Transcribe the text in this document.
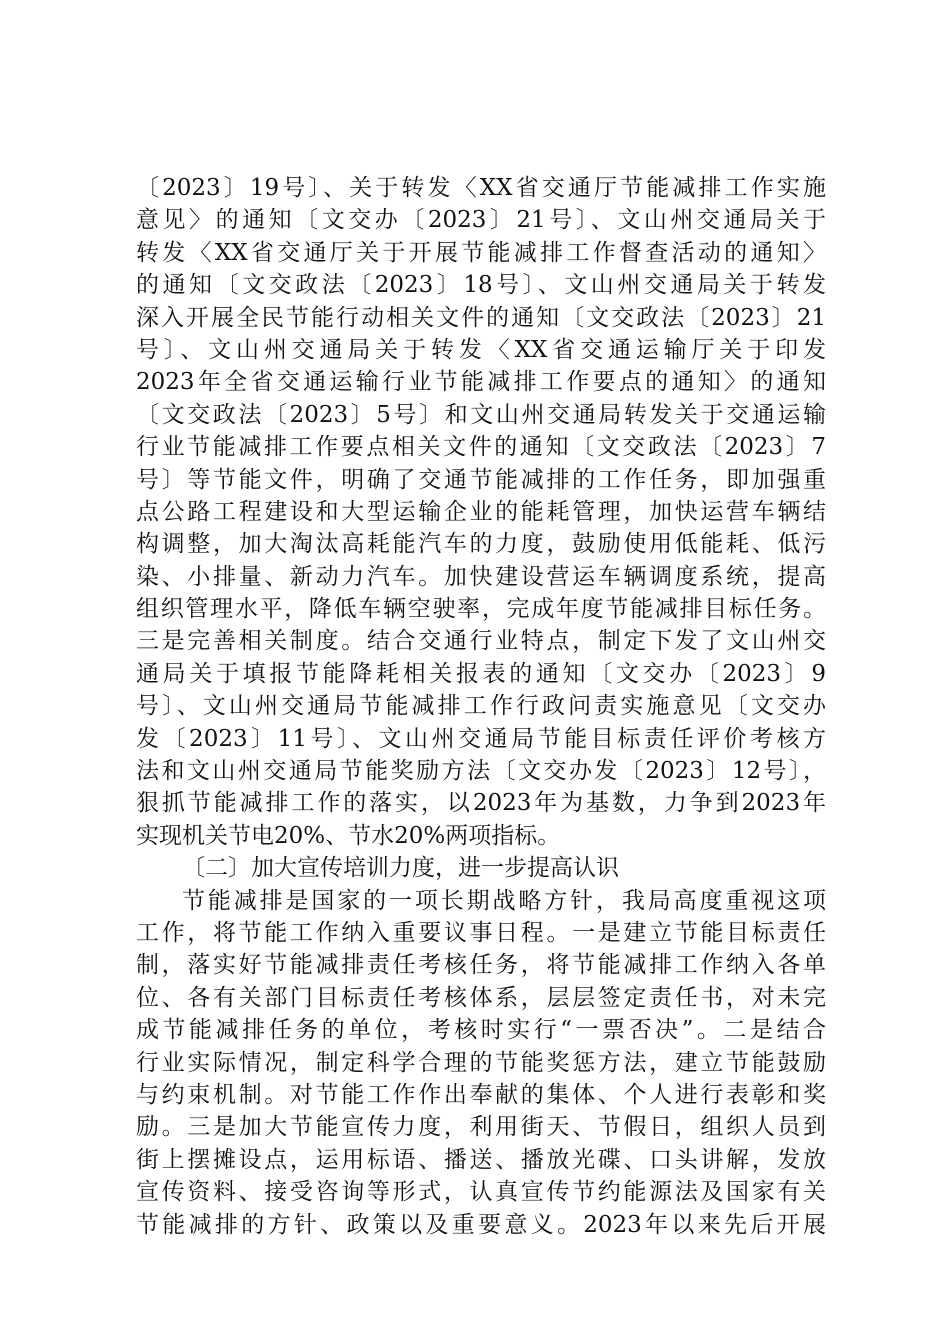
〔2023〕19号〕、关于转发〈XX省交通厅节能减排工作实施
意见〉的通知〔文交办〔2023〕21号〕、文山州交通局关于
转发〈XX省交通厅关于开展节能减排工作督查活动的通知〉
的通知〔文交政法〔2023〕18号〕、文山州交通局关于转发
深入开展全民节能行动相关文件的通知〔文交政法〔2023〕21
号〕、文山州交通局关于转发〈XX省交通运输厅关于印发
2023年全省交通运输行业节能减排工作要点的通知〉的通知
〔文交政法〔2023〕5号〕和文山州交通局转发关于交通运输
行业节能减排工作要点相关文件的通知〔文交政法〔2023〕7
号〕等节能文件，明确了交通节能减排的工作任务，即加强重
点公路工程建设和大型运输企业的能耗管理，加快运营车辆结
构调整，加大淘汰高耗能汽车的力度，鼓励使用低能耗、低污
染、小排量、新动力汽车。加快建设营运车辆调度系统，提高
组织管理水平，降低车辆空驶率，完成年度节能减排目标任务。
三是完善相关制度。结合交通行业特点，制定下发了文山州交
通局关于填报节能降耗相关报表的通知〔文交办〔2023〕9
号〕、文山州交通局节能减排工作行政问责实施意见〔文交办
发〔2023〕11号〕、文山州交通局节能目标责任评价考核方
法和文山州交通局节能奖励方法〔文交办发〔2023〕12号〕，
狠抓节能减排工作的落实，以2023年为基数，力争到2023年
实现机关节电20%、节水20%两项指标。
〔二〕加大宣传培训力度，进一步提高认识
节能减排是国家的一项长期战略方针，我局高度重视这项
工作，将节能工作纳入重要议事日程。一是建立节能目标责任
制，落实好节能减排责任考核任务，将节能减排工作纳入各单
位、各有关部门目标责任考核体系，层层签定责任书，对未完
成节能减排任务的单位，考核时实行“一票否决”。二是结合
行业实际情况，制定科学合理的节能奖惩方法，建立节能鼓励
与约束机制。对节能工作作出奉献的集体、个人进行表彰和奖
励。三是加大节能宣传力度，利用街天、节假日，组织人员到
街上摆摊设点，运用标语、播送、播放光碟、口头讲解，发放
宣传资料、接受咨询等形式，认真宣传节约能源法及国家有关
节能减排的方针、政策以及重要意义。2023年以来先后开展
